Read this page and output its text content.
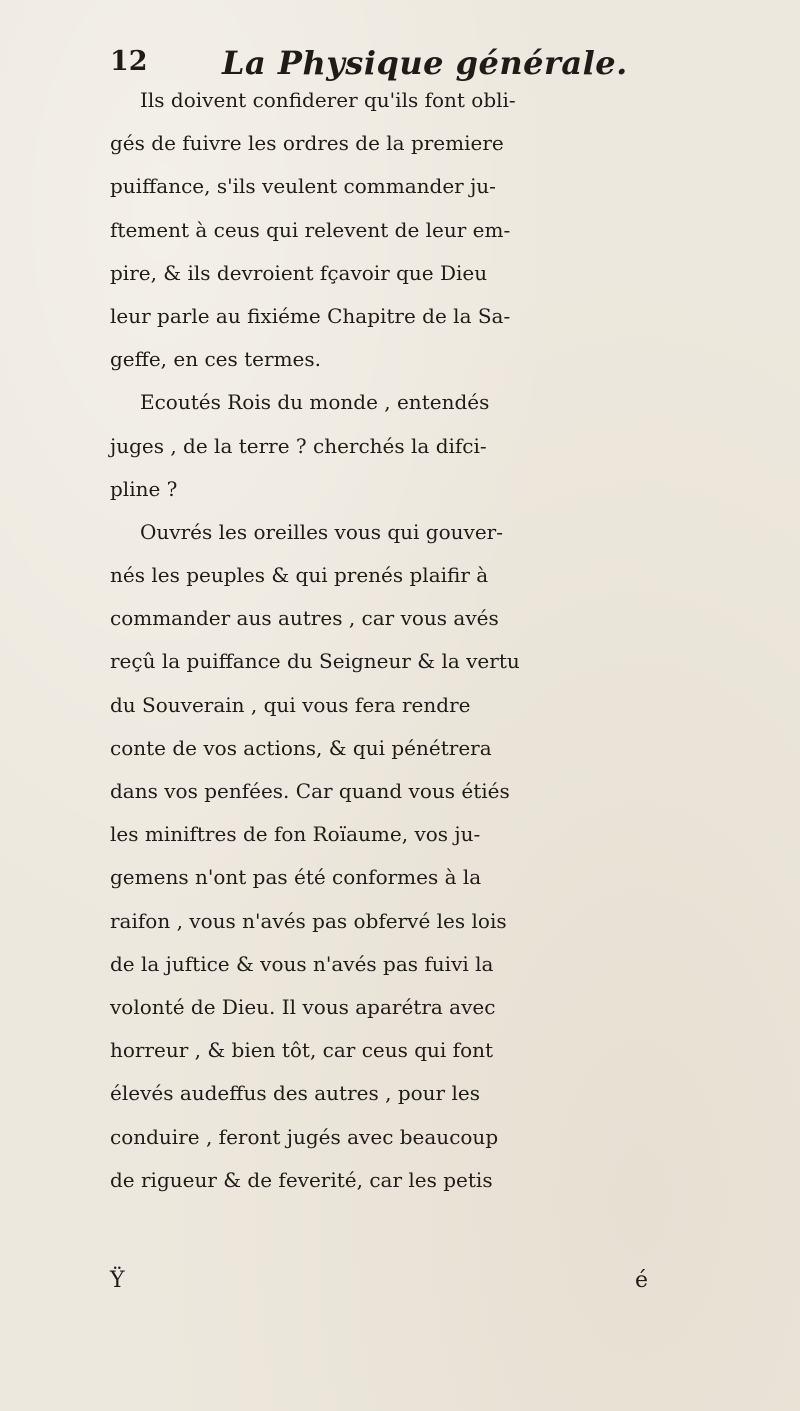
12 La Physique générale.
Ils doivent confiderer qu'ils font obli-
gés de fuivre les ordres de la premiere
puiffance, s'ils veulent commander ju-
ftement à ceus qui relevent de leur em-
pire, & ils devroient fçavoir que Dieu
leur parle au fixiéme Chapitre de la Sa-
geffe, en ces termes.
Ecoutés Rois du monde , entendés
juges , de la terre ? cherchés la difci-
pline ?
Ouvrés les oreilles vous qui gouver-
nés les peuples & qui prenés plaifir à
commander aus autres , car vous avés
reçû la puiffance du Seigneur & la vertu
du Souverain , qui vous fera rendre
conte de vos actions, & qui pénétrera
dans vos penfées. Car quand vous étiés
les miniftres de fon Roïaume, vos ju-
gemens n'ont pas été conformes à la
raifon , vous n'avés pas obfervé les lois
de la juftice & vous n'avés pas fuivi la
volonté de Dieu. Il vous aparétra avec
horreur , & bien tôt, car ceus qui font
élevés audeffus des autres , pour les
conduire , feront jugés avec beaucoup
de rigueur & de feverité, car les petis
Ÿ	é
